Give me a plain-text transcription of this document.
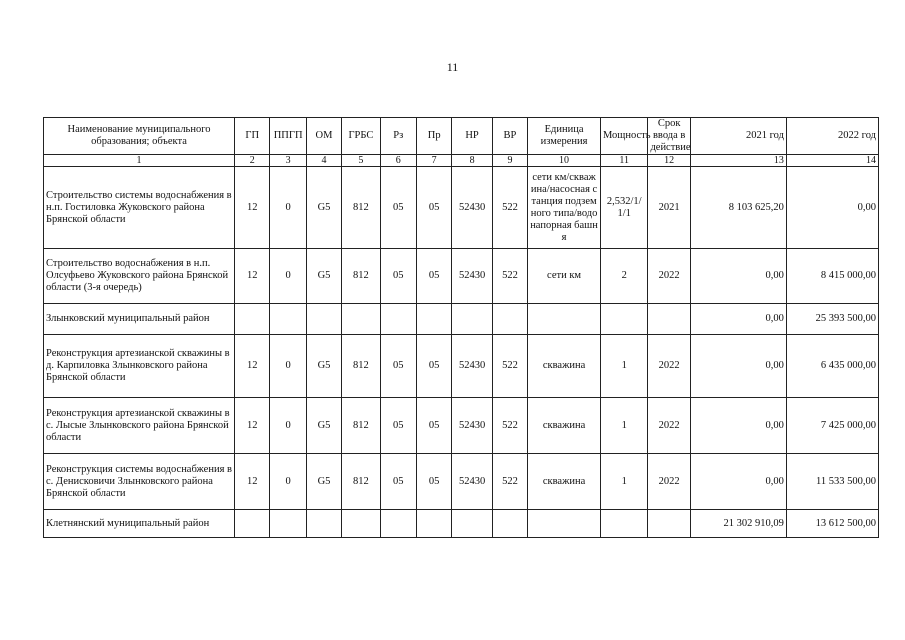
11
Наименование муниципального образования; объекта	ГП	ППГП	ОМ	ГРБС	Рз	Пр	НР	ВР	Единица измерения	Мощность	Срок ввода в действие	2021 год	2022 год
1	2	3	4	5	6	7	8	9	10	11	12	13	14
Строительство системы водоснабжения в н.п. Гостиловка Жуковского района Брянской области	12	0	G5	812	05	05	52430	522	сети км/скважина/насосная станция подземного типа/водонапорная башня	2,532/1/1/1	2021	8 103 625,20	0,00
Строительство водоснабжения в н.п. Олсуфьево Жуковского района Брянской области (3-я очередь)	12	0	G5	812	05	05	52430	522	сети км	2	2022	0,00	8 415 000,00
Злынковский муниципальный район												0,00	25 393 500,00
Реконструкция артезианской скважины в д. Карпиловка Злынковского района Брянской области	12	0	G5	812	05	05	52430	522	скважина	1	2022	0,00	6 435 000,00
Реконструкция артезианской скважины в с. Лысые Злынковского района Брянской области	12	0	G5	812	05	05	52430	522	скважина	1	2022	0,00	7 425 000,00
Реконструкция системы водоснабжения в с. Денисковичи Злынковского района Брянской области	12	0	G5	812	05	05	52430	522	скважина	1	2022	0,00	11 533 500,00
Клетнянский муниципальный район												21 302 910,09	13 612 500,00
